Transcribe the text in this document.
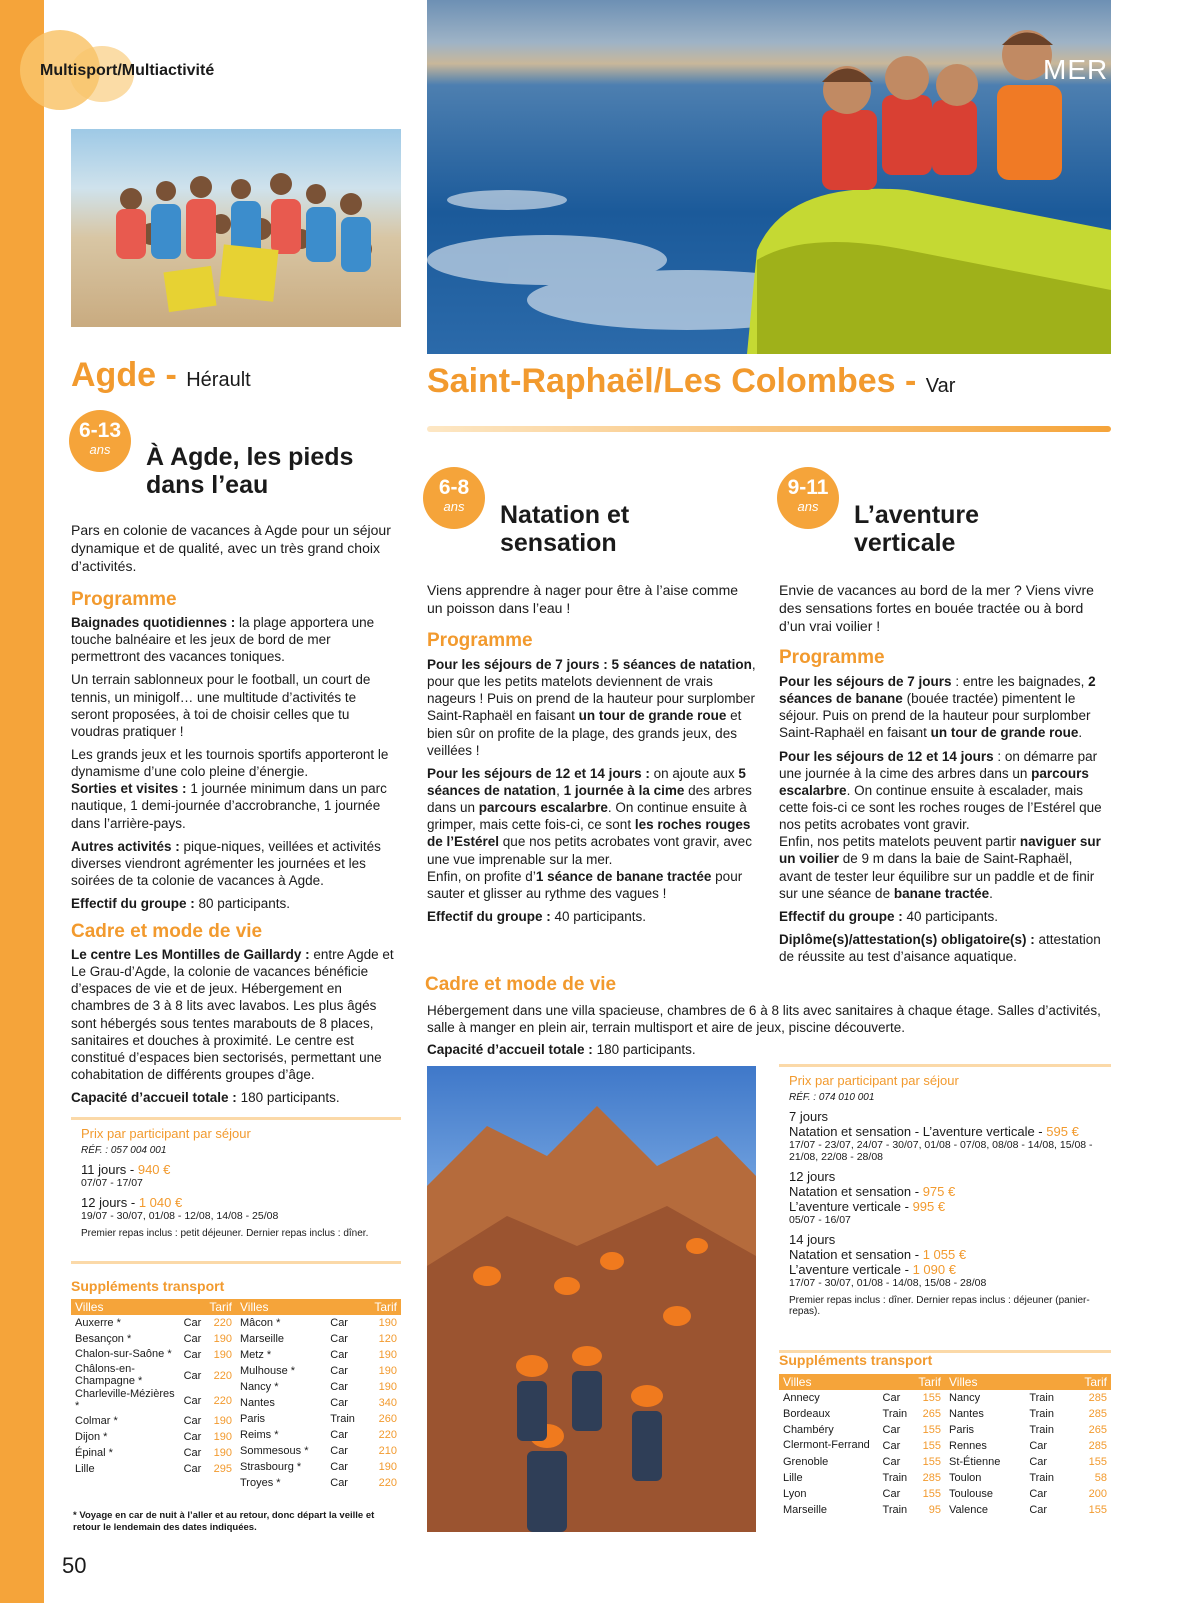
Multisport/Multiactivité	MER
Agde - Hérault
6-13
ans	À Agde, les pieds dans l’eau
Pars en colonie de vacances à Agde pour un séjour dynamique et de qualité, avec un très grand choix d’activités.
Programme
Baignades quotidiennes : la plage apportera une touche balnéaire et les jeux de bord de mer permettront des vacances toniques.
Un terrain sablonneux pour le football, un court de tennis, un minigolf… une multitude d’activités te seront proposées, à toi de choisir celles que tu voudras pratiquer !
Les grands jeux et les tournois sportifs apporteront le dynamisme d’une colo pleine d’énergie.
Sorties et visites : 1 journée minimum dans un parc nautique, 1 demi-journée d’accrobranche, 1 journée dans l’arrière-pays.
Autres activités : pique-niques, veillées et activités diverses viendront agrémenter les journées et les soirées de ta colonie de vacances à Agde.
Effectif du groupe : 80 participants.
Cadre et mode de vie
Le centre Les Montilles de Gaillardy : entre Agde et Le Grau-d’Agde, la colonie de vacances bénéficie d’espaces de vie et de jeux. Hébergement en chambres de 3 à 8 lits avec lavabos. Les plus âgés sont hébergés sous tentes marabouts de 8 places, sanitaires et douches à proximité. Le centre est constitué d’espaces bien sectorisés, permettant une cohabitation de différents groupes d’âge.
Capacité d’accueil totale : 180 participants.
Prix par participant par séjour
RÉF. : 057 004 001
11 jours - 940 €
07/07 - 17/07
12 jours - 1 040 €
19/07 - 30/07, 01/08 - 12/08, 14/08 - 25/08
Premier repas inclus : petit déjeuner. Dernier repas inclus : dîner.
Suppléments transport
Villes		Tarif
Auxerre *	Car	220
Besançon *	Car	190
Chalon-sur-Saône *	Car	190
Châlons-en-Champagne *	Car	220
Charleville-Mézières *	Car	220
Colmar *	Car	190
Dijon *	Car	190
Épinal *	Car	190
Lille	Car	295
Villes		Tarif
Mâcon *	Car	190
Marseille	Car	120
Metz *	Car	190
Mulhouse *	Car	190
Nancy *	Car	190
Nantes	Car	340
Paris	Train	260
Reims *	Car	220
Sommesous *	Car	210
Strasbourg *	Car	190
Troyes *	Car	220
* Voyage en car de nuit à l’aller et au retour, donc départ la veille et retour le lendemain des dates indiquées.
Saint-Raphaël/Les Colombes - Var
6-8
ans	Natation et sensation
Viens apprendre à nager pour être à l’aise comme un poisson dans l’eau !
Programme
Pour les séjours de 7 jours : 5 séances de natation, pour que les petits matelots deviennent de vrais nageurs ! Puis on prend de la hauteur pour surplomber Saint-Raphaël en faisant un tour de grande roue et bien sûr on profite de la plage, des grands jeux, des veillées !
Pour les séjours de 12 et 14 jours : on ajoute aux 5 séances de natation, 1 journée à la cime des arbres dans un parcours escalarbre. On continue ensuite à grimper, mais cette fois-ci, ce sont les roches rouges de l’Estérel que nos petits acrobates vont gravir, avec une vue imprenable sur la mer.
Enfin, on profite d’1 séance de banane tractée pour sauter et glisser au rythme des vagues !
Effectif du groupe : 40 participants.
9-11
ans	L’aventure verticale
Envie de vacances au bord de la mer ? Viens vivre des sensations fortes en bouée tractée ou à bord d’un vrai voilier !
Programme
Pour les séjours de 7 jours : entre les baignades, 2 séances de banane (bouée tractée) pimentent le séjour. Puis on prend de la hauteur pour surplomber Saint-Raphaël en faisant un tour de grande roue.
Pour les séjours de 12 et 14 jours : on démarre par une journée à la cime des arbres dans un parcours escalarbre. On continue ensuite à escalader, mais cette fois-ci ce sont les roches rouges de l’Estérel que nos petits acrobates vont gravir.
Enfin, nos petits matelots peuvent partir naviguer sur un voilier de 9 m dans la baie de Saint-Raphaël, avant de tester leur équilibre sur un paddle et de finir sur une séance de banane tractée.
Effectif du groupe : 40 participants.
Diplôme(s)/attestation(s) obligatoire(s) : attestation de réussite au test d’aisance aquatique.
Cadre et mode de vie
Hébergement dans une villa spacieuse, chambres de 6 à 8 lits avec sanitaires à chaque étage. Salles d’activités, salle à manger en plein air, terrain multisport et aire de jeux, piscine découverte.
Capacité d’accueil totale : 180 participants.
Prix par participant par séjour
RÉF. : 074 010 001
7 jours
Natation et sensation - L’aventure verticale - 595 €
17/07 - 23/07, 24/07 - 30/07, 01/08 - 07/08, 08/08 - 14/08, 15/08 - 21/08, 22/08 - 28/08
12 jours
Natation et sensation - 975 €
L’aventure verticale - 995 €
05/07 - 16/07
14 jours
Natation et sensation - 1 055 €
L’aventure verticale - 1 090 €
17/07 - 30/07, 01/08 - 14/08, 15/08 - 28/08
Premier repas inclus : dîner. Dernier repas inclus : déjeuner (panier-repas).
Suppléments transport
Villes		Tarif
Annecy	Car	155
Bordeaux	Train	265
Chambéry	Car	155
Clermont-Ferrand	Car	155
Grenoble	Car	155
Lille	Train	285
Lyon	Car	155
Marseille	Train	95
Villes		Tarif
Nancy	Train	285
Nantes	Train	285
Paris	Train	265
Rennes	Car	285
St-Étienne	Car	155
Toulon	Train	58
Toulouse	Car	200
Valence	Car	155
50
